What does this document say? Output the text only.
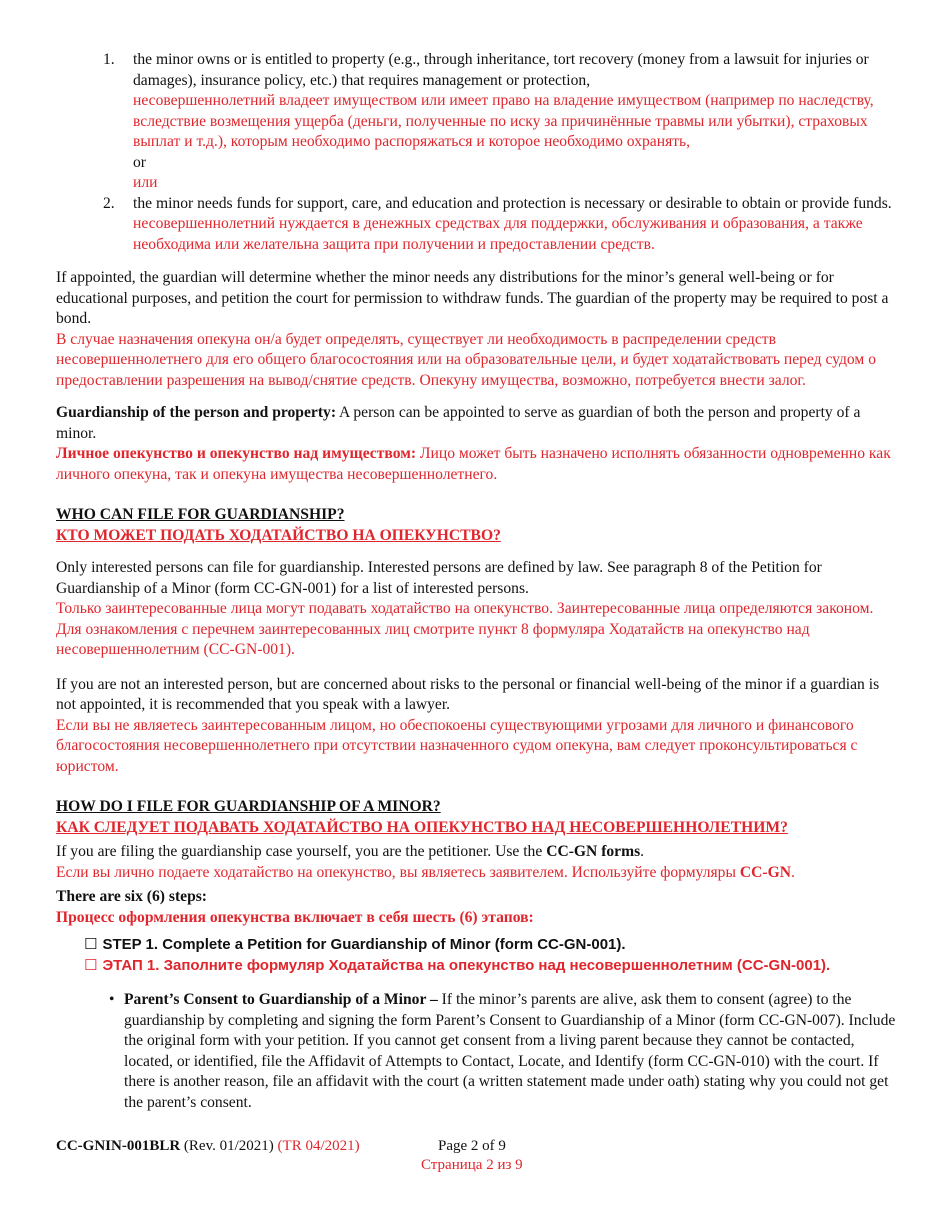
1. the minor owns or is entitled to property (e.g., through inheritance, tort recovery (money from a lawsuit for injuries or damages), insurance policy, etc.) that requires management or protection,
несовершеннолетний владеет имуществом или имеет право на владение имуществом (например по наследству, вследствие возмещения ущерба (деньги, полученные по иску за причинённые травмы или убытки), страховых выплат и т.д.), которым необходимо распоряжаться и которое необходимо охранять,
or
или
2. the minor needs funds for support, care, and education and protection is necessary or desirable to obtain or provide funds.
несовершеннолетний нуждается в денежных средствах для поддержки, обслуживания и образования, а также необходима или желательна защита при получении и предоставлении средств.

If appointed, the guardian will determine whether the minor needs any distributions for the minor’s general well-being or for educational purposes, and petition the court for permission to withdraw funds. The guardian of the property may be required to post a bond.

В случае назначения опекуна он/а будет определять, существует ли необходимость в распределении средств несовершеннолетнего для его общего благосостояния или на образовательные цели, и будет ходатайствовать перед судом о предоставлении разрешения на вывод/снятие средств. Опекуну имущества, возможно, потребуется внести залог.

Guardianship of the person and property: A person can be appointed to serve as guardian of both the person and property of a minor.

Личное опекунство и опекунство над имуществом: Лицо может быть назначено исполнять обязанности одновременно как личного опекуна, так и опекуна имущества несовершеннолетнего.

WHO CAN FILE FOR GUARDIANSHIP?
КТО МОЖЕТ ПОДАТЬ ХОДАТАЙСТВО НА ОПЕКУНСТВО?

Only interested persons can file for guardianship. Interested persons are defined by law. See paragraph 8 of the Petition for Guardianship of a Minor (form CC-GN-001) for a list of interested persons.

Только заинтересованные лица могут подавать ходатайство на опекунство. Заинтересованные лица определяются законом. Для ознакомления с перечнем заинтересованных лиц смотрите пункт 8 формуляра Ходатайств на опекунство над несовершеннолетним (CC-GN-001).

If you are not an interested person, but are concerned about risks to the personal or financial well-being of the minor if a guardian is not appointed, it is recommended that you speak with a lawyer.

Если вы не являетесь заинтересованным лицом, но обеспокоены существующими угрозами для личного и финансового благосостояния несовершеннолетнего при отсутствии назначенного судом опекуна, вам следует проконсультироваться с юристом.

HOW DO I FILE FOR GUARDIANSHIP OF A MINOR?
КАК СЛЕДУЕТ ПОДАВАТЬ ХОДАТАЙСТВО НА ОПЕКУНСТВО НАД НЕСОВЕРШЕННОЛЕТНИМ?

If you are filing the guardianship case yourself, you are the petitioner. Use the CC-GN forms.

Если вы лично подаете ходатайство на опекунство, вы являетесь заявителем. Используйте формуляры CC-GN.

There are six (6) steps:

Процесс оформления опекунства включает в себя шесть (6) этапов:

☐ STEP 1. Complete a Petition for Guardianship of Minor (form CC-GN-001).
☐ ЭТАП 1. Заполните формуляр Ходатайства на опекунство над несовершеннолетним (CC-GN-001).
• Parent’s Consent to Guardianship of a Minor – If the minor’s parents are alive, ask them to consent (agree) to the guardianship by completing and signing the form Parent’s Consent to Guardianship of a Minor (form CC-GN-007). Include the original form with your petition. If you cannot get consent from a living parent because they cannot be contacted, located, or identified, file the Affidavit of Attempts to Contact, Locate, and Identify (form CC-GN-010) with the court. If there is another reason, file an affidavit with the court (a written statement made under oath) stating why you could not get the parent’s consent.
CC-GNIN-001BLR (Rev. 01/2021) (TR 04/2021)	Page 2 of 9
Страница 2 из 9
